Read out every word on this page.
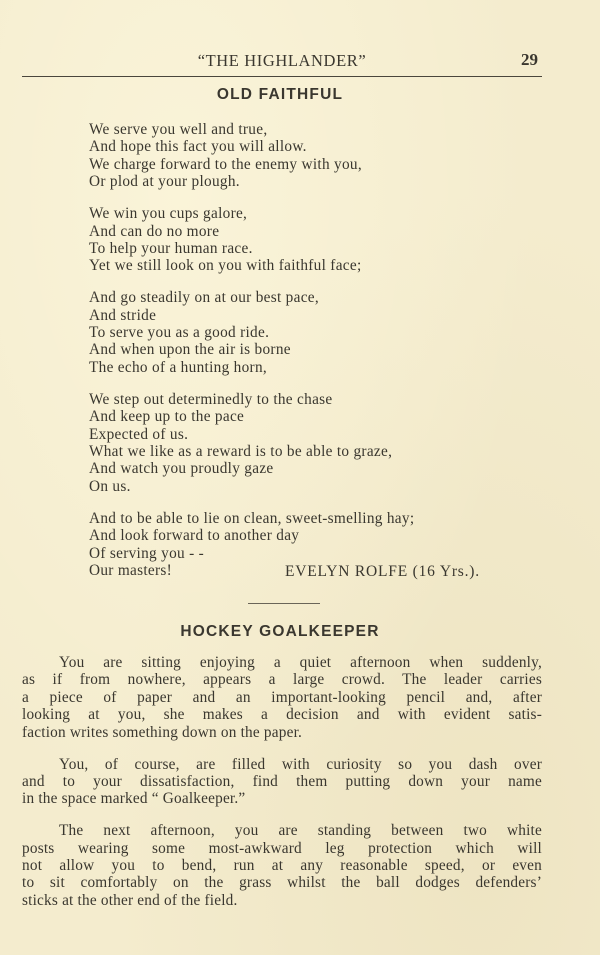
“THE HIGHLANDER”	29
OLD FAITHFUL
We serve you well and true,
And hope this fact you will allow.
We charge forward to the enemy with you,
Or plod at your plough.
We win you cups galore,
And can do no more
To help your human race.
Yet we still look on you with faithful face;
And go steadily on at our best pace,
And stride
To serve you as a good ride.
And when upon the air is borne
The echo of a hunting horn,
We step out determinedly to the chase
And keep up to the pace
Expected of us.
What we like as a reward is to be able to graze,
And watch you proudly gaze
On us.
And to be able to lie on clean, sweet-smelling hay;
And look forward to another day
Of serving you - -
Our masters!	EVELYN ROLFE (16 Yrs.).
HOCKEY GOALKEEPER
You are sitting enjoying a quiet afternoon when suddenly,
as if from nowhere, appears a large crowd. The leader carries
a piece of paper and an important-looking pencil and, after
looking at you, she makes a decision and with evident satis-
faction writes something down on the paper.
You, of course, are filled with curiosity so you dash over
and to your dissatisfaction, find them putting down your name
in the space marked “ Goalkeeper.”
The next afternoon, you are standing between two white
posts wearing some most-awkward leg protection which will
not allow you to bend, run at any reasonable speed, or even
to sit comfortably on the grass whilst the ball dodges defenders’
sticks at the other end of the field.
